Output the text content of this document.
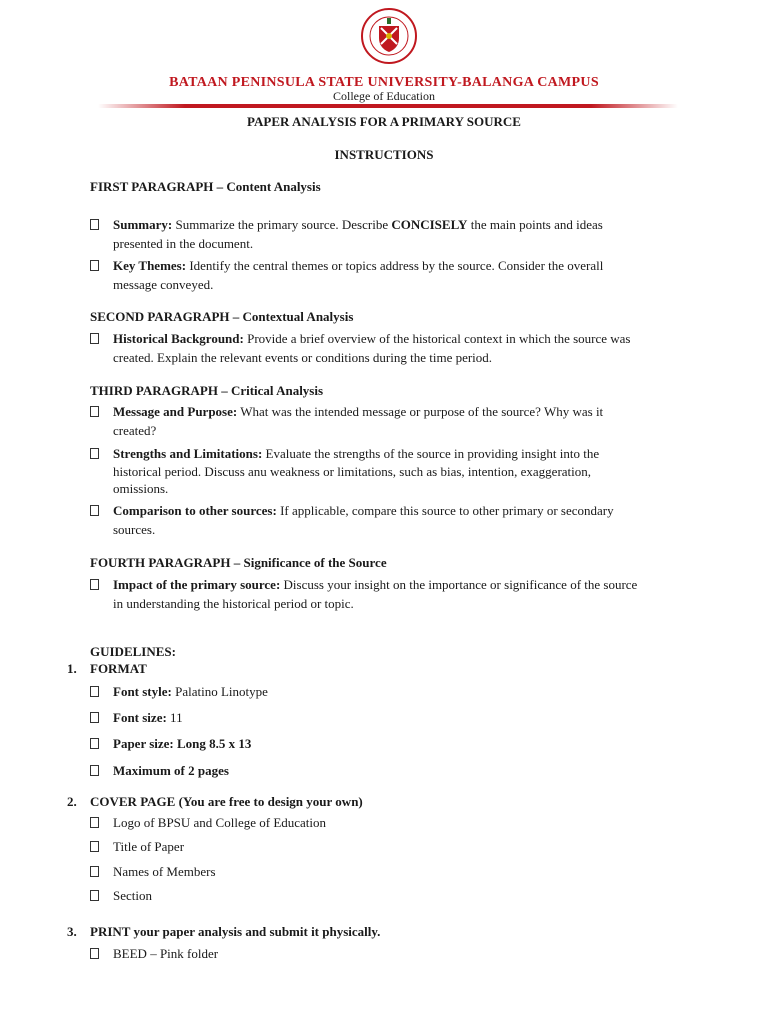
BATAAN PENINSULA STATE UNIVERSITY-BALANGA CAMPUS
College of Education
PAPER ANALYSIS FOR A PRIMARY SOURCE
INSTRUCTIONS
FIRST PARAGRAPH – Content Analysis
Summary: Summarize the primary source. Describe CONCISELY the main points and ideas
presented in the document.
Key Themes: Identify the central themes or topics address by the source. Consider the overall
message conveyed.
SECOND PARAGRAPH – Contextual Analysis
Historical Background: Provide a brief overview of the historical context in which the source was
created. Explain the relevant events or conditions during the time period.
THIRD PARAGRAPH – Critical Analysis
Message and Purpose: What was the intended message or purpose of the source? Why was it
created?
Strengths and Limitations: Evaluate the strengths of the source in providing insight into the
historical period. Discuss anu weakness or limitations, such as bias, intention, exaggeration,
omissions.
Comparison to other sources: If applicable, compare this source to other primary or secondary
sources.
FOURTH PARAGRAPH – Significance of the Source
Impact of the primary source: Discuss your insight on the importance or significance of the source
in understanding the historical period or topic.
GUIDELINES:
1.	FORMAT
Font style: Palatino Linotype
Font size: 11
Paper size: Long 8.5 x 13
Maximum of 2 pages
2.	COVER PAGE (You are free to design your own)
Logo of BPSU and College of Education
Title of Paper
Names of Members
Section
3.	PRINT your paper analysis and submit it physically.
BEED – Pink folder
